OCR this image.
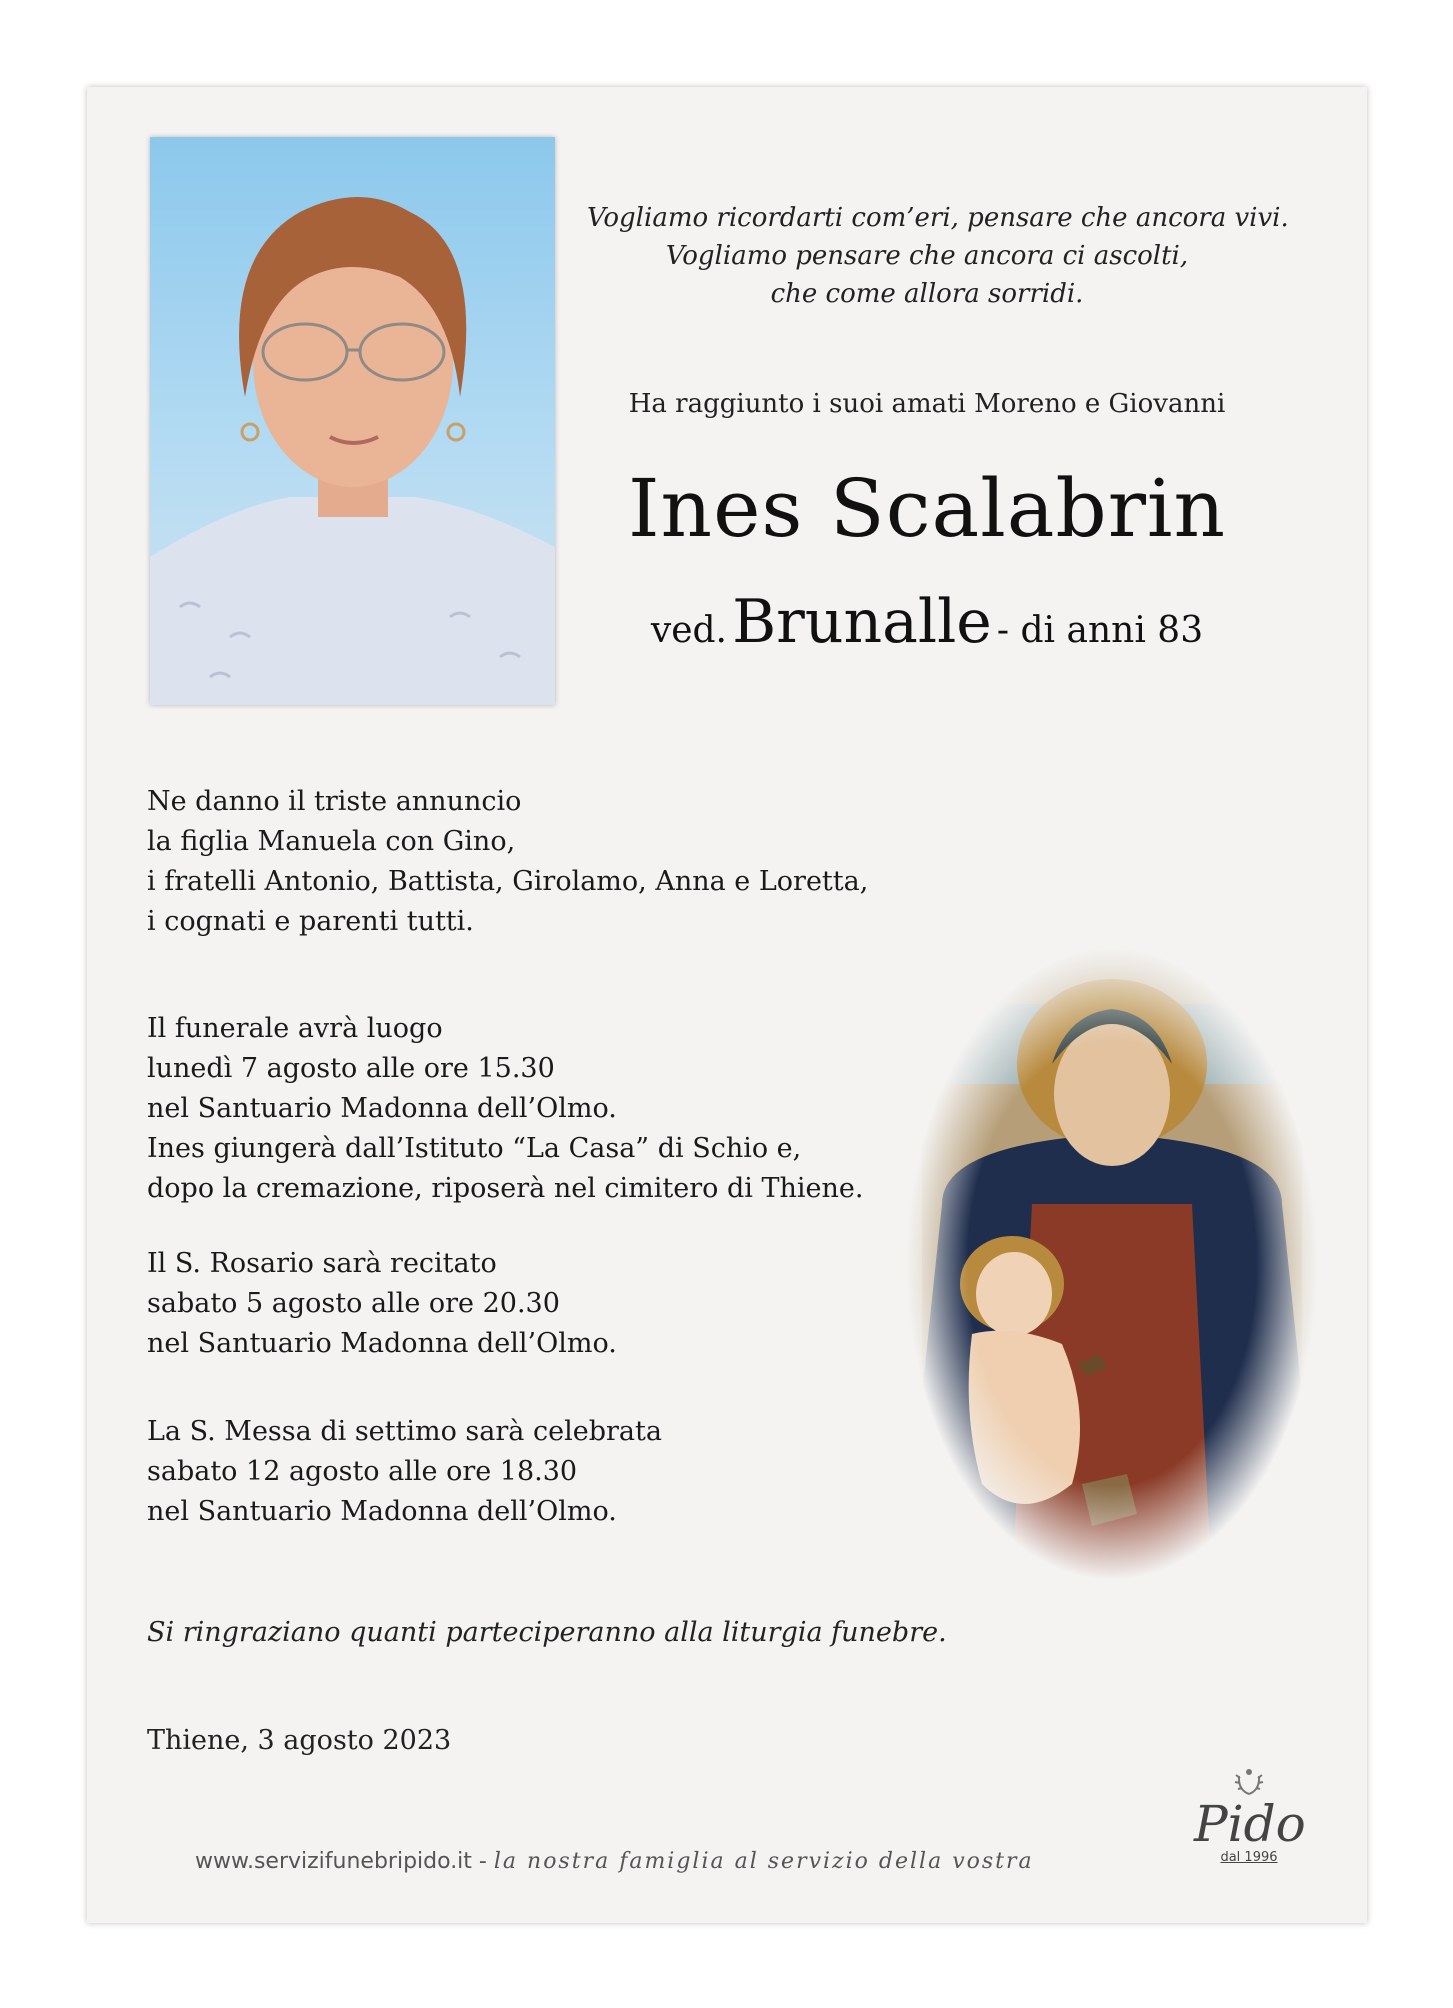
Vogliamo ricordarti com’eri, pensare che ancora vivi.
Vogliamo pensare che ancora ci ascolti,
che come allora sorridi.
Ha raggiunto i suoi amati Moreno e Giovanni
Ines Scalabrin
ved. Brunalle - di anni 83
Ne danno il triste annuncio
la figlia Manuela con Gino,
i fratelli Antonio, Battista, Girolamo, Anna e Loretta,
i cognati e parenti tutti.
Il funerale avrà luogo
lunedì 7 agosto alle ore 15.30
nel Santuario Madonna dell’Olmo.
Ines giungerà dall’Istituto “La Casa” di Schio e,
dopo la cremazione, riposerà nel cimitero di Thiene.
Il S. Rosario sarà recitato
sabato 5 agosto alle ore 20.30
nel Santuario Madonna dell’Olmo.
La S. Messa di settimo sarà celebrata
sabato 12 agosto alle ore 18.30
nel Santuario Madonna dell’Olmo.
Si ringraziano quanti parteciperanno alla liturgia funebre.
Thiene, 3 agosto 2023
www.servizifunebripido.it - la nostra famiglia al servizio della vostra
Pido
dal 1996
